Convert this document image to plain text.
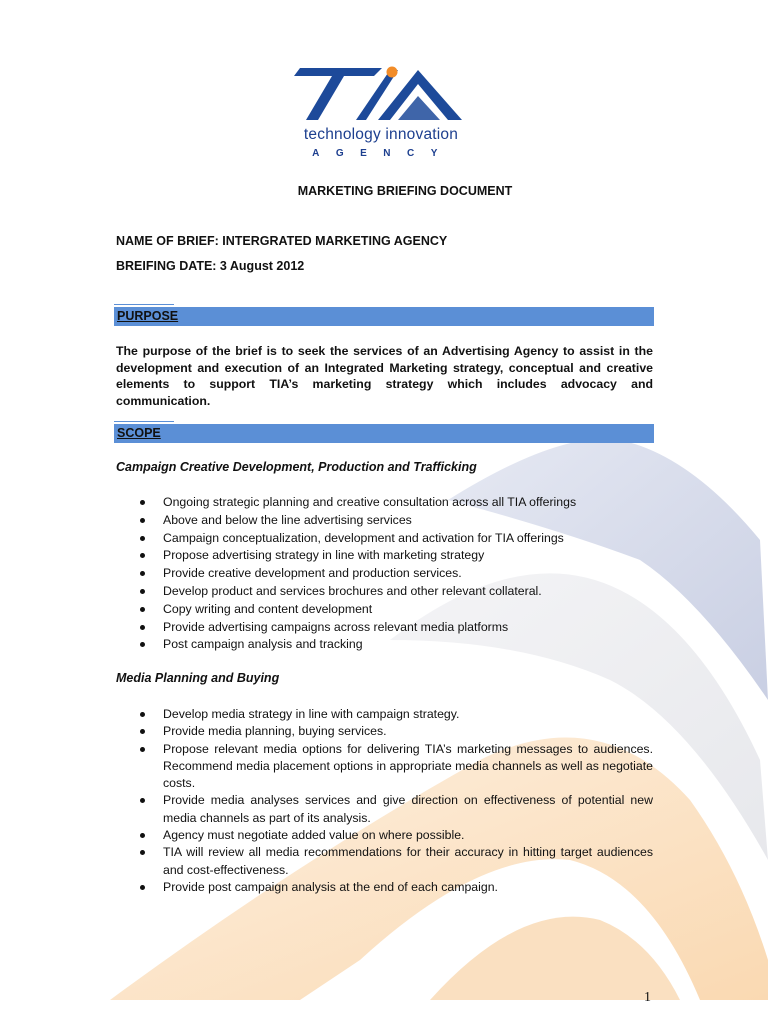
technology innovation
AGENCY
MARKETING BRIEFING DOCUMENT
NAME OF BRIEF: INTERGRATED MARKETING AGENCY
BREIFING DATE: 3 August 2012
PURPOSE
The purpose of the brief is to seek the services of an Advertising Agency to assist in the development and execution of an Integrated Marketing strategy, conceptual and creative elements to support TIA’s marketing strategy which includes advocacy and communication.
SCOPE
Campaign Creative Development, Production and Trafficking
Ongoing strategic planning and creative consultation across all TIA offerings
Above and below the line advertising services
Campaign conceptualization, development and activation for TIA offerings
Propose advertising strategy in line with marketing strategy
Provide creative development and production services.
Develop product and services brochures and other relevant collateral.
Copy writing and content development
Provide advertising campaigns across relevant media platforms
Post campaign analysis and tracking
Media Planning and Buying
Develop media strategy in line with campaign strategy.
Provide media planning, buying services.
Propose relevant media options for delivering TIA’s marketing messages to audiences. Recommend media placement options in appropriate media channels as well as negotiate costs.
Provide media analyses services and give direction on effectiveness of potential new media channels as part of its analysis.
Agency must negotiate added value on where possible.
TIA will review all media recommendations for their accuracy in hitting target audiences and cost-effectiveness.
Provide post campaign analysis at the end of each campaign.
1
